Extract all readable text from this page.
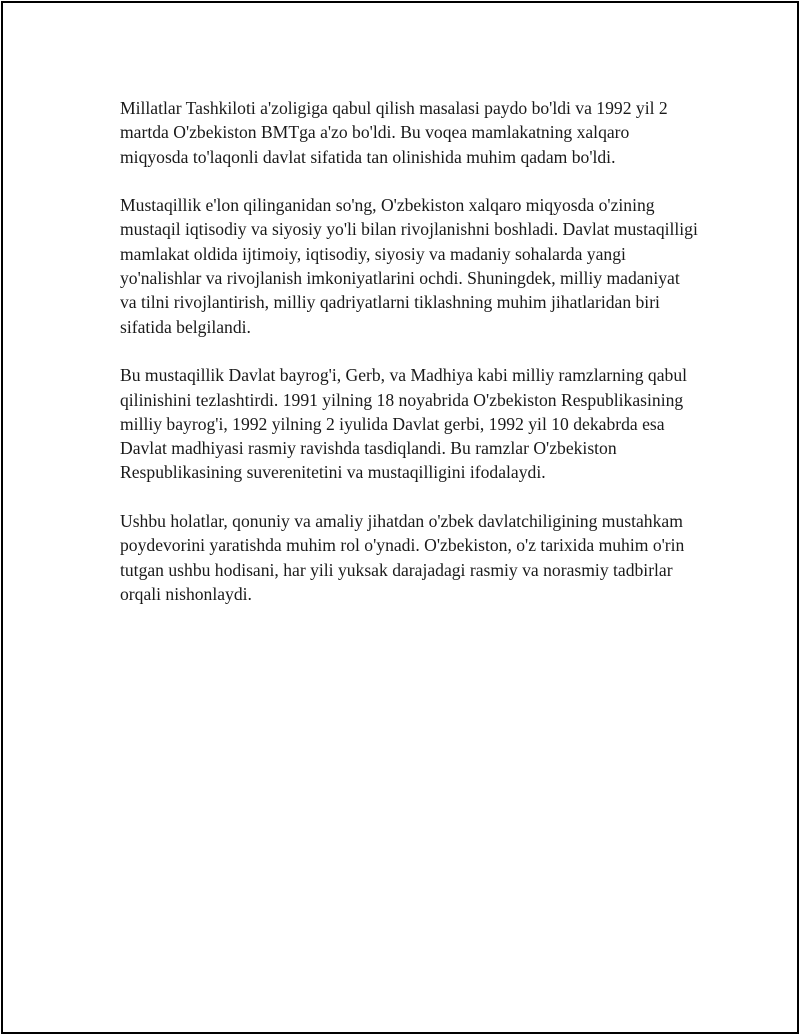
Millatlar Tashkiloti a'zoligiga qabul qilish masalasi paydo bo'ldi va 1992 yil 2 martda O'zbekiston BMTga a'zo bo'ldi. Bu voqea mamlakatning xalqaro miqyosda to'laqonli davlat sifatida tan olinishida muhim qadam bo'ldi.

Mustaqillik e'lon qilinganidan so'ng, O'zbekiston xalqaro miqyosda o'zining mustaqil iqtisodiy va siyosiy yo'li bilan rivojlanishni boshladi. Davlat mustaqilligi mamlakat oldida ijtimoiy, iqtisodiy, siyosiy va madaniy sohalarda yangi yo'nalishlar va rivojlanish imkoniyatlarini ochdi. Shuningdek, milliy madaniyat va tilni rivojlantirish, milliy qadriyatlarni tiklashning muhim jihatlaridan biri sifatida belgilandi.

Bu mustaqillik Davlat bayrog'i, Gerb, va Madhiya kabi milliy ramzlarning qabul qilinishini tezlashtirdi. 1991 yilning 18 noyabrida O'zbekiston Respublikasining milliy bayrog'i, 1992 yilning 2 iyulida Davlat gerbi, 1992 yil 10 dekabrda esa Davlat madhiyasi rasmiy ravishda tasdiqlandi. Bu ramzlar O'zbekiston Respublikasining suverenitetini va mustaqilligini ifodalaydi.

Ushbu holatlar, qonuniy va amaliy jihatdan o'zbek davlatchiligining mustahkam poydevorini yaratishda muhim rol o'ynadi. O'zbekiston, o'z tarixida muhim o'rin tutgan ushbu hodisani, har yili yuksak darajadagi rasmiy va norasmiy tadbirlar orqali nishonlaydi.
